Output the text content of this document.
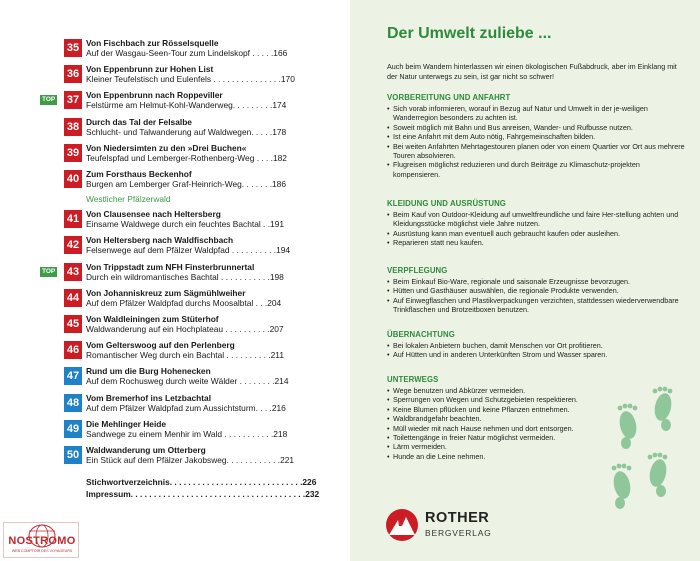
35 Von Fischbach zur Rösselsquelle
Auf der Wasgau-Seen-Tour zum Lindelskopf . . . . .166
36 Von Eppenbrunn zur Hohen List
Kleiner Teufelstisch und Eulenfels . . . . . . . . . . . . . . .170
TOP 37 Von Eppenbrunn nach Roppeviller
Felstürme am Helmut-Kohl-Wanderweg. . . . . . . . .174
38 Durch das Tal der Felsalbe
Schlucht- und Talwanderung auf Waldwegen. . . . .178
39 Von Niedersimten zu den »Drei Buchen«
Teufelspfad und Lemberger-Rothenberg-Weg . . . .182
40 Zum Forsthaus Beckenhof
Burgen am Lemberger Graf-Heinrich-Weg. . . . . . .186
Westlicher Pfälzerwald
41 Von Clausensee nach Heltersberg
Einsame Waldwege durch ein feuchtes Bachtal . .191
42 Von Heltersberg nach Waldfischbach
Felsenwege auf dem Pfälzer Waldpfad . . . . . . . . . .194
TOP 43 Von Trippstadt zum NFH Finsterbrunnertal
Durch ein wildromantisches Bachtal . . . . . . . . . . .198
44 Von Johanniskreuz zum Sägmühlweiher
Auf dem Pfälzer Waldpfad durchs Moosalbtal . . .204
45 Von Waldleiningen zum Stüterhof
Waldwanderung auf ein Hochplateau . . . . . . . . . .207
46 Vom Gelterswoog auf den Perlenberg
Romantischer Weg durch ein Bachtal . . . . . . . . . .211
47 Rund um die Burg Hohenecken
Auf dem Rochusweg durch weite Wälder . . . . . . . .214
48 Vom Bremerhof ins Letzbachtal
Auf dem Pfälzer Waldpfad zum Aussichtsturm. . . .216
49 Die Mehlinger Heide
Sandwege zu einem Menhir im Wald . . . . . . . . . . .218
50 Waldwanderung um Otterberg
Ein Stück auf dem Pfälzer Jakobsweg. . . . . . . . . . . .221
Stichwortverzeichnis. . . . . . . . . . . . . . . . . . . . . . . . . . . . .226
Impressum. . . . . . . . . . . . . . . . . . . . . . . . . . . . . . . . . . . . . .232
Der Umwelt zuliebe ...
Auch beim Wandern hinterlassen wir einen ökologischen Fußabdruck, aber im Einklang mit der Natur unterwegs zu sein, ist gar nicht so schwer!
VORBEREITUNG UND ANFAHRT
• Sich vorab informieren, worauf in Bezug auf Natur und Umwelt in der je-weiligen Wanderregion besonders zu achten ist.
• Soweit möglich mit Bahn und Bus anreisen, Wander- und Rufbusse nutzen.
• Ist eine Anfahrt mit dem Auto nötig, Fahrgemeinschaften bilden.
• Bei weiten Anfahrten Mehrtagestouren planen oder von einem Quartier vor Ort aus mehrere Touren absolvieren.
• Flugreisen möglichst reduzieren und durch Beiträge zu Klimaschutz-projekten kompensieren.
KLEIDUNG UND AUSRÜSTUNG
• Beim Kauf von Outdoor-Kleidung auf umweltfreundliche und faire Her-stellung achten und Kleidungsstücke möglichst viele Jahre nutzen.
• Ausrüstung kann man eventuell auch gebraucht kaufen oder ausleihen.
• Reparieren statt neu kaufen.
VERPFLEGUNG
• Beim Einkauf Bio-Ware, regionale und saisonale Erzeugnisse bevorzugen.
• Hütten und Gasthäuser auswählen, die regionale Produkte verwenden.
• Auf Einwegflaschen und Plastikverpackungen verzichten, stattdessen wiederverwendbare Trinkflaschen und Brotzeitboxen benutzen.
ÜBERNACHTUNG
• Bei lokalen Anbietern buchen, damit Menschen vor Ort profitieren.
• Auf Hütten und in anderen Unterkünften Strom und Wasser sparen.
UNTERWEGS
• Wege benutzen und Abkürzer vermeiden.
• Sperrungen von Wegen und Schutzgebieten respektieren.
• Keine Blumen pflücken und keine Pflanzen entnehmen.
• Waldbrandgefahr beachten.
• Müll wieder mit nach Hause nehmen und dort entsorgen.
• Toilettengänge in freier Natur möglichst vermeiden.
• Lärm vermeiden.
• Hunde an die Leine nehmen.
ROTHER
BERGVERLAG
NOSTROMO
WEB COMPTOIR DES VOYAGEURS
